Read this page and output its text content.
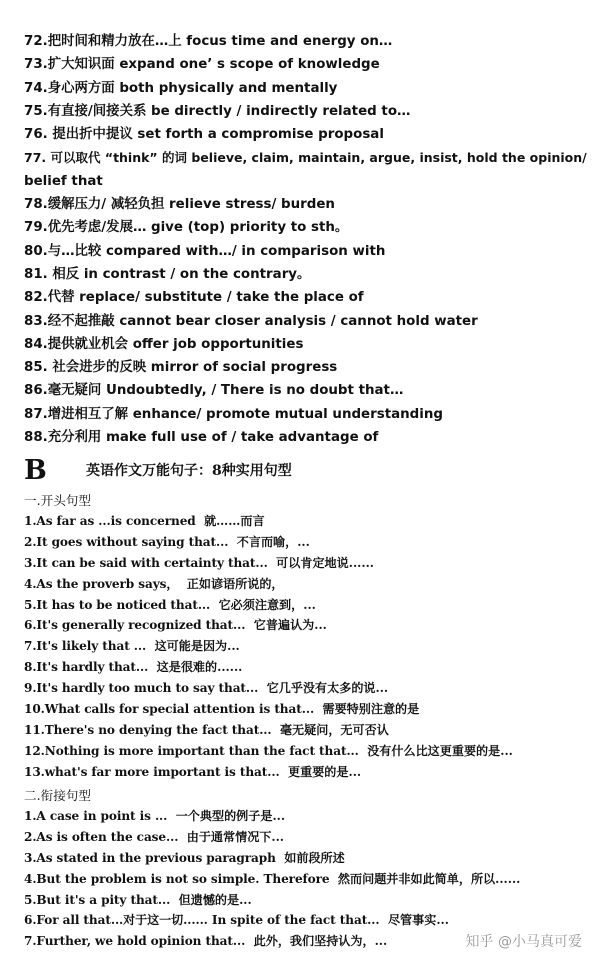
72.把时间和精力放在…上 focus time and energy on…
73.扩大知识面 expand one’ s scope of knowledge
74.身心两方面 both physically and mentally
75.有直接/间接关系 be directly / indirectly related to…
76. 提出折中提议 set forth a compromise proposal
77. 可以取代 “think” 的词 believe, claim, maintain, argue, insist, hold the opinion/
belief that
78.缓解压力/ 减轻负担 relieve stress/ burden
79.优先考虑/发展… give (top) priority to sth。
80.与…比较 compared with…/ in comparison with
81. 相反 in contrast / on the contrary。
82.代替 replace/ substitute / take the place of
83.经不起推敲 cannot bear closer analysis / cannot hold water
84.提供就业机会 offer job opportunities
85. 社会进步的反映 mirror of social progress
86.毫无疑问 Undoubtedly, / There is no doubt that…
87.增进相互了解 enhance/ promote mutual understanding
88.充分利用 make full use of / take advantage of
B	英语作文万能句子：8种实用句型
一.开头句型
1.As far as ...is concerned 就……而言
2.It goes without saying that... 不言而喻，...
3.It can be said with certainty that... 可以肯定地说......
4.As the proverb says， 正如谚语所说的，
5.It has to be noticed that... 它必须注意到，...
6.It's generally recognized that... 它普遍认为...
7.It's likely that ... 这可能是因为...
8.It's hardly that... 这是很难的......
9.It's hardly too much to say that... 它几乎没有太多的说...
10.What calls for special attention is that... 需要特别注意的是
11.There's no denying the fact that... 毫无疑问，无可否认
12.Nothing is more important than the fact that... 没有什么比这更重要的是...
13.what's far more important is that... 更重要的是...
二.衔接句型
1.A case in point is ... 一个典型的例子是...
2.As is often the case... 由于通常情况下...
3.As stated in the previous paragraph 如前段所述
4.But the problem is not so simple. Therefore 然而问题并非如此简单，所以......
5.But it's a pity that... 但遗憾的是...
6.For all that...对于这一切...... In spite of the fact that... 尽管事实...
7.Further, we hold opinion that... 此外，我们坚持认为，...	知乎 @小马真可爱
